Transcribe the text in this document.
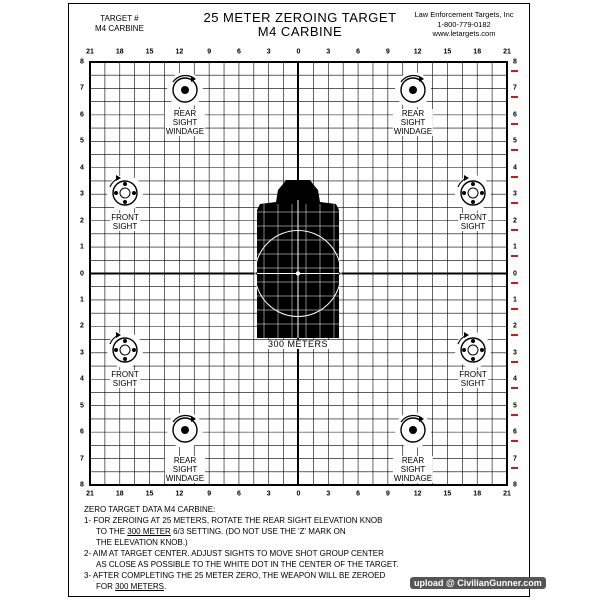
TARGET #
M4 CARBINE
25 METER ZEROING TARGET
M4 CARBINE
Law Enforcement Targets, Inc
1-800-779-0182
www.letargets.com
21
21
18
18
15
15
12
12
9
9
6
6
3
3
0
0
3
3
6
6
9
9
12
12
15
15
18
18
21
21
8	8
7	7
6	6
5	5
4	4
3	3
2	2
1	1
0	0
1	1
2	2
3	3
4	4
5	5
6	6
7	7
8	8
REAR
SIGHT
WINDAGE
REAR
SIGHT
WINDAGE
REAR
SIGHT
WINDAGE
REAR
SIGHT
WINDAGE
FRONT
SIGHT
FRONT
SIGHT
FRONT
SIGHT
FRONT
SIGHT
300 METERS
ZERO TARGET DATA M4 CARBINE:
1- FOR ZEROING AT 25 METERS, ROTATE THE REAR SIGHT ELEVATION KNOB
TO THE 300 METER 6/3 SETTING. (DO NOT USE THE 'Z' MARK ON
THE ELEVATION KNOB.)
2- AIM AT TARGET CENTER. ADJUST SIGHTS TO MOVE SHOT GROUP CENTER
AS CLOSE AS POSSIBLE TO THE WHITE DOT IN THE CENTER OF THE TARGET.
3- AFTER COMPLETING THE 25 METER ZERO, THE WEAPON WILL BE ZEROED
FOR 300 METERS.	upload @ CivilianGunner.com
